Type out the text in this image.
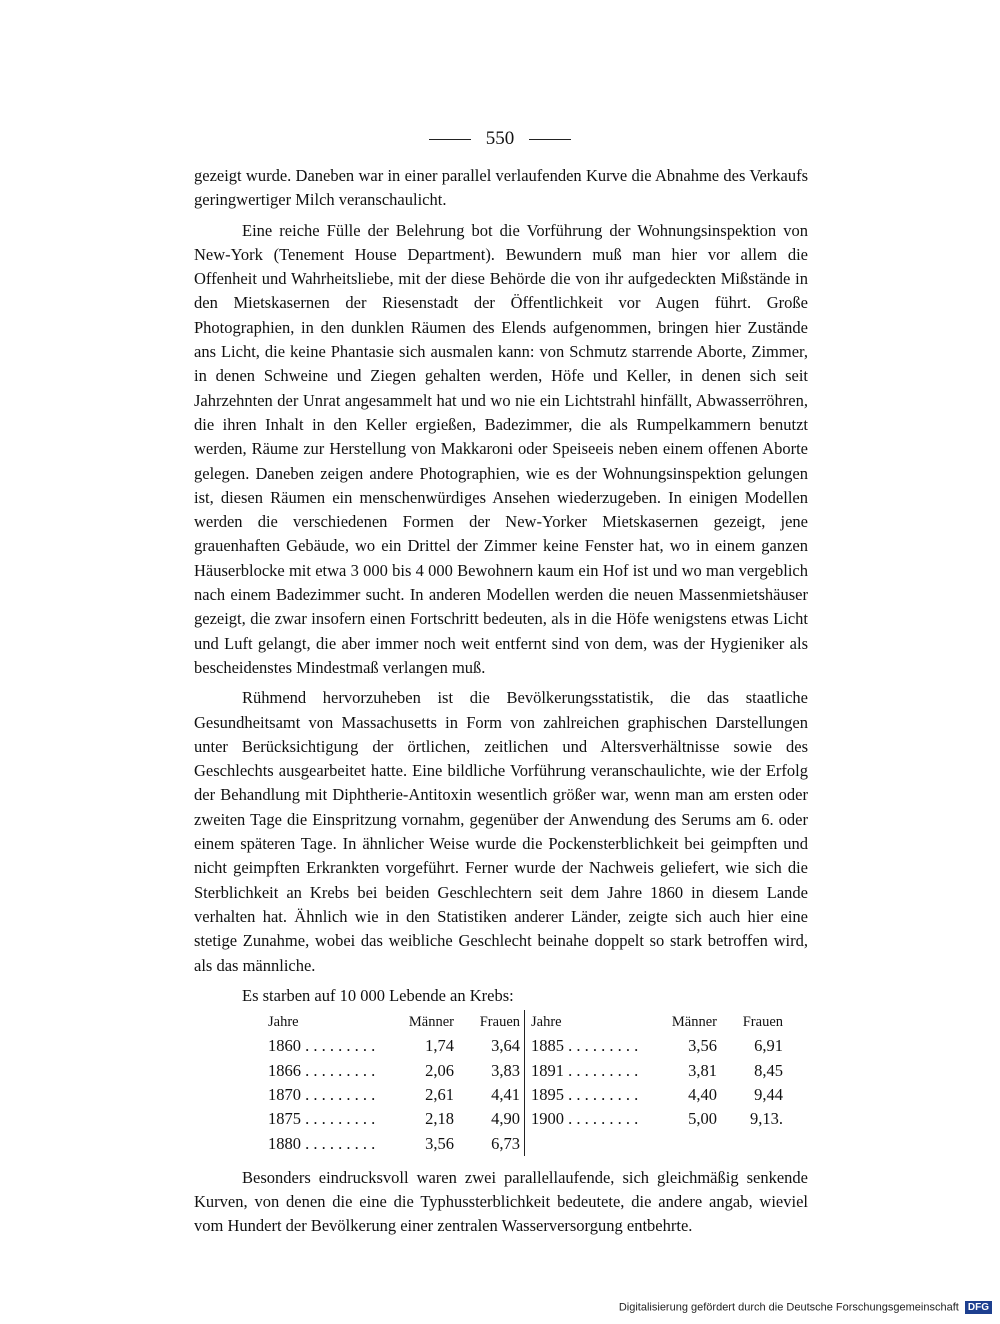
550

gezeigt wurde. Daneben war in einer parallel verlaufenden Kurve die Abnahme des Verkaufs geringwertiger Milch veranschaulicht.

Eine reiche Fülle der Belehrung bot die Vorführung der Wohnungsinspektion von New-York (Tenement House Department). Bewundern muß man hier vor allem die Offenheit und Wahrheitsliebe, mit der diese Behörde die von ihr aufgedeckten Mißstände in den Mietskasernen der Riesenstadt der Öffentlichkeit vor Augen führt. Große Photographien, in den dunklen Räumen des Elends aufgenommen, bringen hier Zustände ans Licht, die keine Phantasie sich ausmalen kann: von Schmutz starrende Aborte, Zimmer, in denen Schweine und Ziegen gehalten werden, Höfe und Keller, in denen sich seit Jahrzehnten der Unrat angesammelt hat und wo nie ein Lichtstrahl hinfällt, Abwasserröhren, die ihren Inhalt in den Keller ergießen, Badezimmer, die als Rumpelkammern benutzt werden, Räume zur Herstellung von Makkaroni oder Speiseeis neben einem offenen Aborte gelegen. Daneben zeigen andere Photographien, wie es der Wohnungsinspektion gelungen ist, diesen Räumen ein menschenwürdiges Ansehen wiederzugeben. In einigen Modellen werden die verschiedenen Formen der New-Yorker Mietskasernen gezeigt, jene grauenhaften Gebäude, wo ein Drittel der Zimmer keine Fenster hat, wo in einem ganzen Häuserblocke mit etwa 3 000 bis 4 000 Bewohnern kaum ein Hof ist und wo man vergeblich nach einem Badezimmer sucht. In anderen Modellen werden die neuen Massenmietshäuser gezeigt, die zwar insofern einen Fortschritt bedeuten, als in die Höfe wenigstens etwas Licht und Luft gelangt, die aber immer noch weit entfernt sind von dem, was der Hygieniker als bescheidenstes Mindestmaß verlangen muß.

Rühmend hervorzuheben ist die Bevölkerungsstatistik, die das staatliche Gesundheitsamt von Massachusetts in Form von zahlreichen graphischen Darstellungen unter Berücksichtigung der örtlichen, zeitlichen und Altersverhältnisse sowie des Geschlechts ausgearbeitet hatte. Eine bildliche Vorführung veranschaulichte, wie der Erfolg der Behandlung mit Diphtherie-Antitoxin wesentlich größer war, wenn man am ersten oder zweiten Tage die Einspritzung vornahm, gegenüber der Anwendung des Serums am 6. oder einem späteren Tage. In ähnlicher Weise wurde die Pockensterblichkeit bei geimpften und nicht geimpften Erkrankten vorgeführt. Ferner wurde der Nachweis geliefert, wie sich die Sterblichkeit an Krebs bei beiden Geschlechtern seit dem Jahre 1860 in diesem Lande verhalten hat. Ähnlich wie in den Statistiken anderer Länder, zeigte sich auch hier eine stetige Zunahme, wobei das weibliche Geschlecht beinahe doppelt so stark betroffen wird, als das männliche.

Es starben auf 10 000 Lebende an Krebs:
Jahre	Männer	Frauen	Jahre	Männer	Frauen
1860 . . . . . . . . .	1,74	3,64	1885 . . . . . . . . .	3,56	6,91
1866 . . . . . . . . .	2,06	3,83	1891 . . . . . . . . .	3,81	8,45
1870 . . . . . . . . .	2,61	4,41	1895 . . . . . . . . .	4,40	9,44
1875 . . . . . . . . .	2,18	4,90	1900 . . . . . . . . .	5,00	9,13.
1880 . . . . . . . . .	3,56	6,73			

Besonders eindrucksvoll waren zwei parallellaufende, sich gleichmäßig senkende Kurven, von denen die eine die Typhussterblichkeit bedeutete, die andere angab, wieviel vom Hundert der Bevölkerung einer zentralen Wasserversorgung entbehrte.

Digitalisierung gefördert durch die Deutsche Forschungsgemeinschaft DFG
